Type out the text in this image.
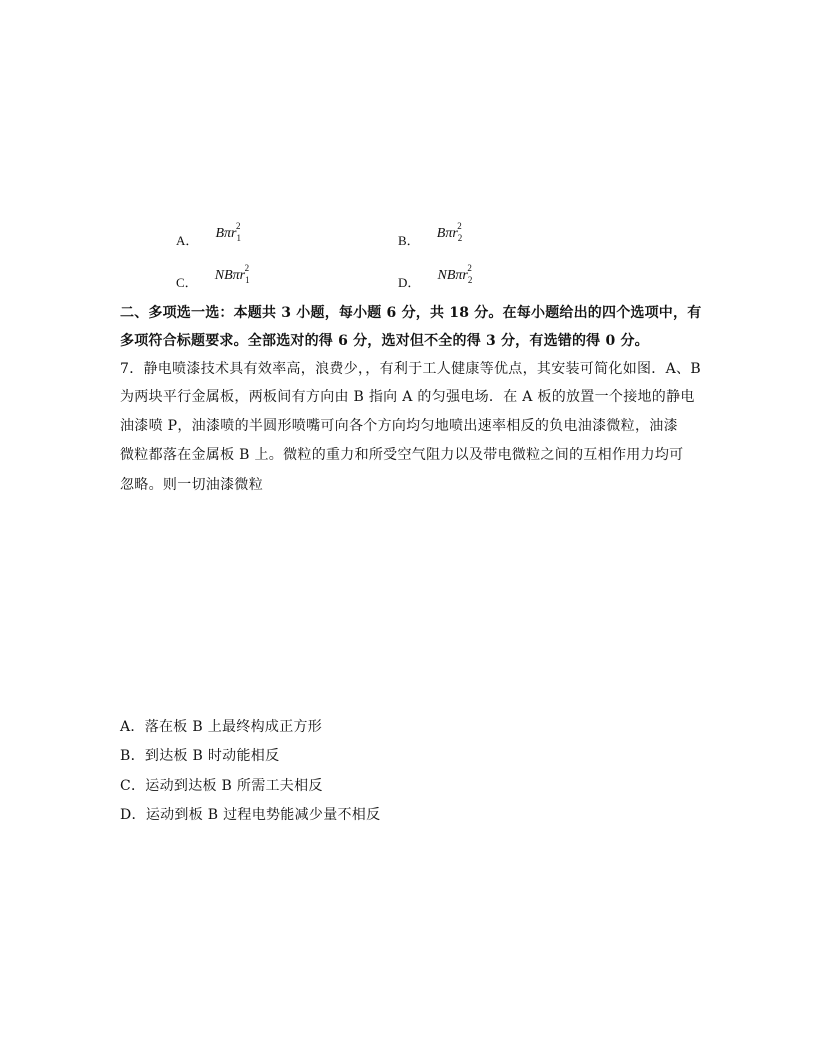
A． Bπr$_1^2$
B． Bπr$_2^2$
C． NBπr$_1^2$
D． NBπr$_2^2$
二、多项选一选：本题共 3 小题，每小题 6 分，共 18 分。在每小题给出的四个选项中，有
多项符合标题要求。全部选对的得 6 分，选对但不全的得 3 分，有选错的得 0 分。
7．静电喷漆技术具有效率高，浪费少，，有利于工人健康等优点，其安装可简化如图．A、B
为两块平行金属板，两板间有方向由 B 指向 A 的匀强电场．在 A 板的放置一个接地的静电
油漆喷 P，油漆喷的半圆形喷嘴可向各个方向均匀地喷出速率相反的负电油漆微粒，油漆
微粒都落在金属板 B 上。微粒的重力和所受空气阻力以及带电微粒之间的互相作用力均可
忽略。则一切油漆微粒
A．落在板 B 上最终构成正方形
B．到达板 B 时动能相反
C．运动到达板 B 所需工夫相反
D．运动到板 B 过程电势能减少量不相反
